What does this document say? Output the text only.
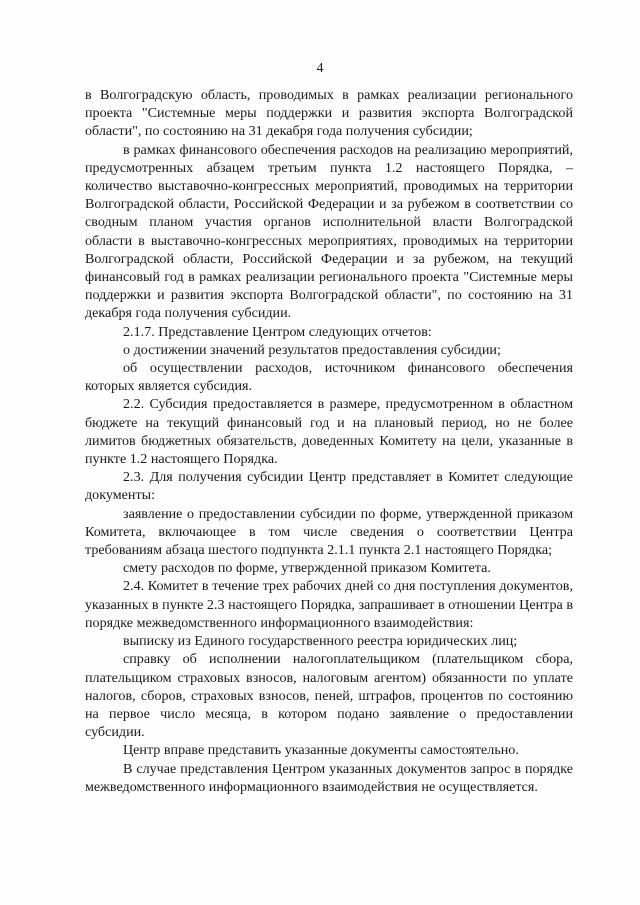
4

в Волгоградскую область, проводимых в рамках реализации регионального проекта "Системные меры поддержки и развития экспорта Волгоградской области", по состоянию на 31 декабря года получения субсидии;

в рамках финансового обеспечения расходов на реализацию мероприятий, предусмотренных абзацем третьим пункта 1.2 настоящего Порядка, – количество выставочно-конгрессных мероприятий, проводимых на территории Волгоградской области, Российской Федерации и за рубежом в соответствии со сводным планом участия органов исполнительной власти Волгоградской области в выставочно-конгрессных мероприятиях, проводимых на территории Волгоградской области, Российской Федерации и за рубежом, на текущий финансовый год в рамках реализации регионального проекта "Системные меры поддержки и развития экспорта Волгоградской области", по состоянию на 31 декабря года получения субсидии.

2.1.7. Представление Центром следующих отчетов:

о достижении значений результатов предоставления субсидии;

об осуществлении расходов, источником финансового обеспечения которых является субсидия.

2.2. Субсидия предоставляется в размере, предусмотренном в областном бюджете на текущий финансовый год и на плановый период, но не более лимитов бюджетных обязательств, доведенных Комитету на цели, указанные в пункте 1.2 настоящего Порядка.

2.3. Для получения субсидии Центр представляет в Комитет следующие документы:

заявление о предоставлении субсидии по форме, утвержденной приказом Комитета, включающее в том числе сведения о соответствии Центра требованиям абзаца шестого подпункта 2.1.1 пункта 2.1 настоящего Порядка;

смету расходов по форме, утвержденной приказом Комитета.

2.4. Комитет в течение трех рабочих дней со дня поступления документов, указанных в пункте 2.3 настоящего Порядка, запрашивает в отношении Центра в порядке межведомственного информационного взаимодействия:

выписку из Единого государственного реестра юридических лиц;

справку об исполнении налогоплательщиком (плательщиком сбора, плательщиком страховых взносов, налоговым агентом) обязанности по уплате налогов, сборов, страховых взносов, пеней, штрафов, процентов по состоянию на первое число месяца, в котором подано заявление о предоставлении субсидии.

Центр вправе представить указанные документы самостоятельно.

В случае представления Центром указанных документов запрос в порядке межведомственного информационного взаимодействия не осуществляется.
